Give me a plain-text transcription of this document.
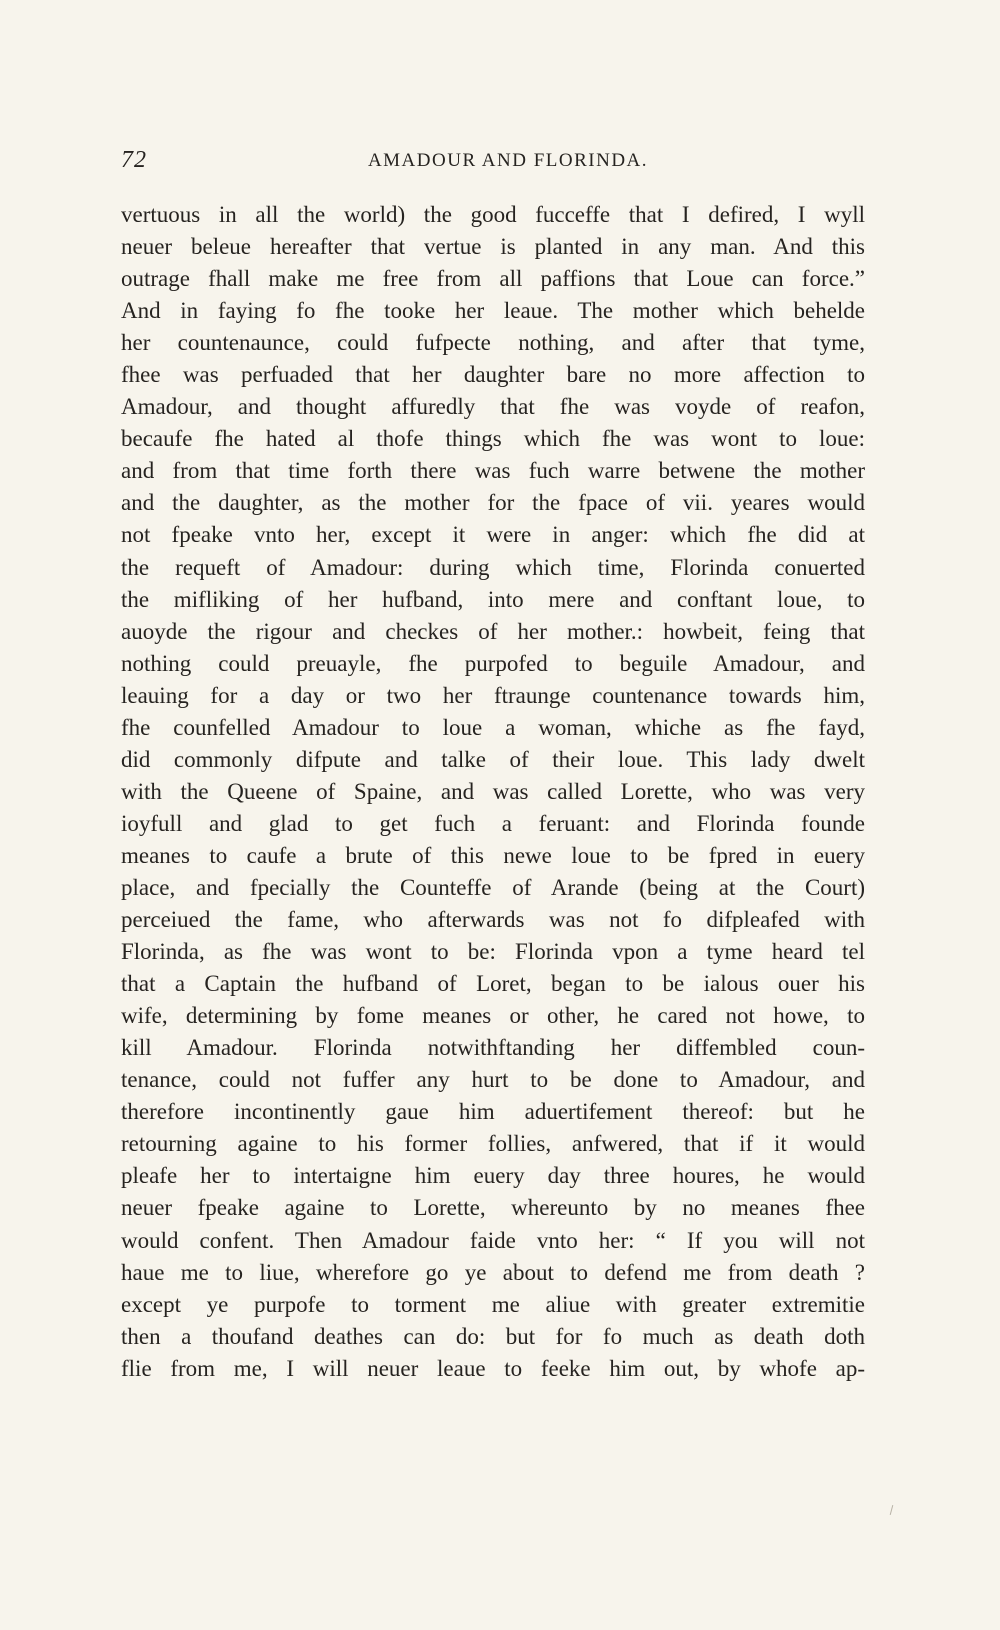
72	AMADOUR AND FLORINDA.
vertuous in all the world) the good fucceffe that I defired, I wyll
neuer beleue hereafter that vertue is planted in any man. And this
outrage fhall make me free from all paffions that Loue can force.”
And in faying fo fhe tooke her leaue. The mother which behelde
her countenaunce, could fufpecte nothing, and after that tyme,
fhee was perfuaded that her daughter bare no more affection to
Amadour, and thought affuredly that fhe was voyde of reafon,
becaufe fhe hated al thofe things which fhe was wont to loue:
and from that time forth there was fuch warre betwene the mother
and the daughter, as the mother for the fpace of vii. yeares would
not fpeake vnto her, except it were in anger: which fhe did at
the requeft of Amadour: during which time, Florinda conuerted
the mifliking of her hufband, into mere and conftant loue, to
auoyde the rigour and checkes of her mother.: howbeit, feing that
nothing could preuayle, fhe purpofed to beguile Amadour, and
leauing for a day or two her ftraunge countenance towards him,
fhe counfelled Amadour to loue a woman, whiche as fhe fayd,
did commonly difpute and talke of their loue. This lady dwelt
with the Queene of Spaine, and was called Lorette, who was very
ioyfull and glad to get fuch a feruant: and Florinda founde
meanes to caufe a brute of this newe loue to be fpred in euery
place, and fpecially the Counteffe of Arande (being at the Court)
perceiued the fame, who afterwards was not fo difpleafed with
Florinda, as fhe was wont to be: Florinda vpon a tyme heard tel
that a Captain the hufband of Loret, began to be ialous ouer his
wife, determining by fome meanes or other, he cared not howe, to
kill Amadour. Florinda notwithftanding her diffembled coun-
tenance, could not fuffer any hurt to be done to Amadour, and
therefore incontinently gaue him aduertifement thereof: but he
retourning againe to his former follies, anfwered, that if it would
pleafe her to intertaigne him euery day three houres, he would
neuer fpeake againe to Lorette, whereunto by no meanes fhee
would confent. Then Amadour faide vnto her: “ If you will not
haue me to liue, wherefore go ye about to defend me from death ?
except ye purpofe to torment me aliue with greater extremitie
then a thoufand deathes can do: but for fo much as death doth
flie from me, I will neuer leaue to feeke him out, by whofe ap-
